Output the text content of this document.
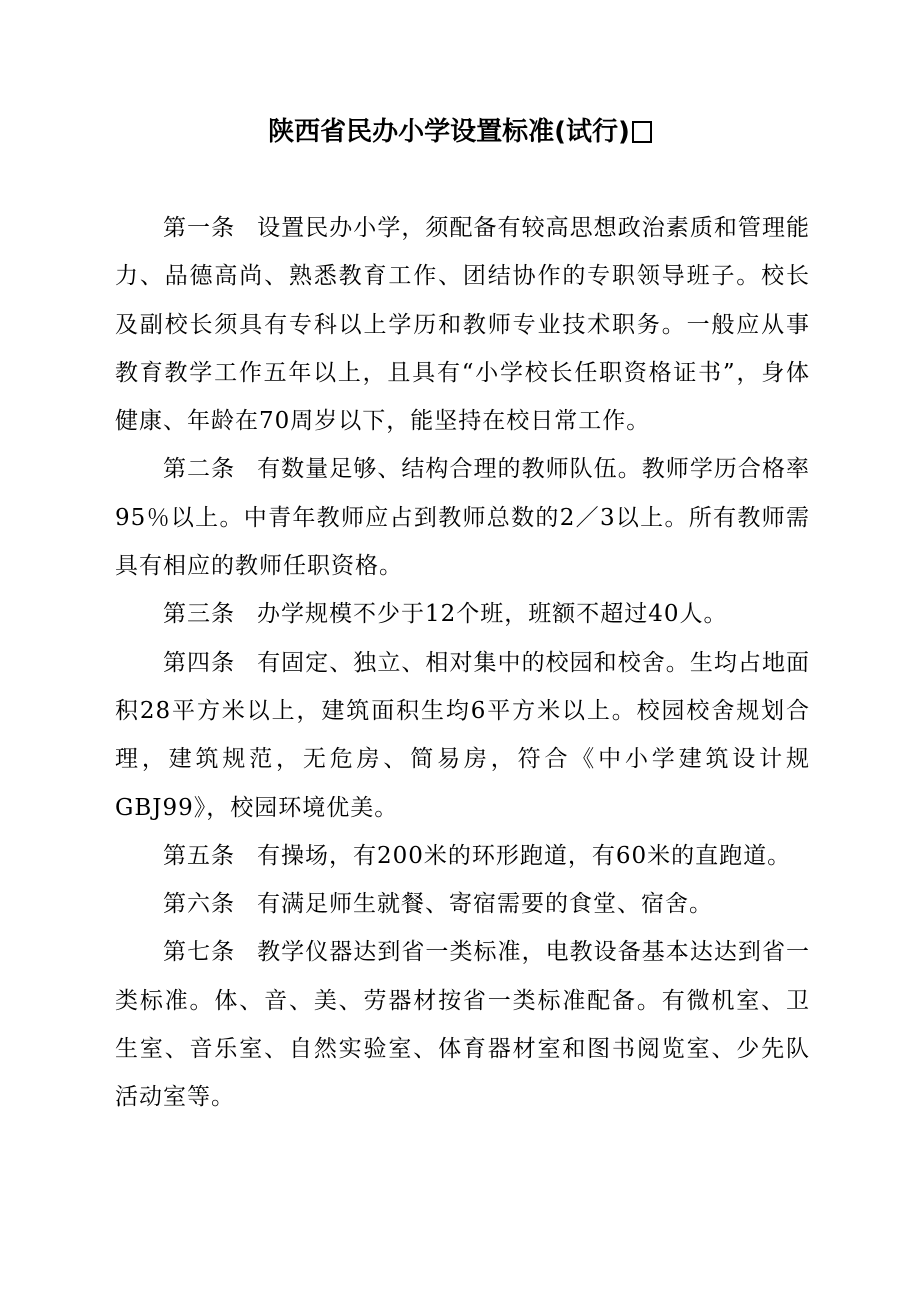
陕西省民办小学设置标准(试行)

第一条 设置民办小学，须配备有较高思想政治素质和管理能力、品德高尚、熟悉教育工作、团结协作的专职领导班子。校长及副校长须具有专科以上学历和教师专业技术职务。一般应从事教育教学工作五年以上，且具有“小学校长任职资格证书”，身体健康、年龄在70周岁以下，能坚持在校日常工作。

第二条 有数量足够、结构合理的教师队伍。教师学历合格率95％以上。中青年教师应占到教师总数的2／3以上。所有教师需具有相应的教师任职资格。

第三条 办学规模不少于12个班，班额不超过40人。

第四条 有固定、独立、相对集中的校园和校舍。生均占地面积28平方米以上，建筑面积生均6平方米以上。校园校舍规划合理，建筑规范，无危房、简易房，符合《中小学建筑设计规GBJ99》，校园环境优美。

第五条 有操场，有200米的环形跑道，有60米的直跑道。

第六条 有满足师生就餐、寄宿需要的食堂、宿舍。

第七条 教学仪器达到省一类标准，电教设备基本达达到省一类标准。体、音、美、劳器材按省一类标准配备。有微机室、卫生室、音乐室、自然实验室、体育器材室和图书阅览室、少先队活动室等。
